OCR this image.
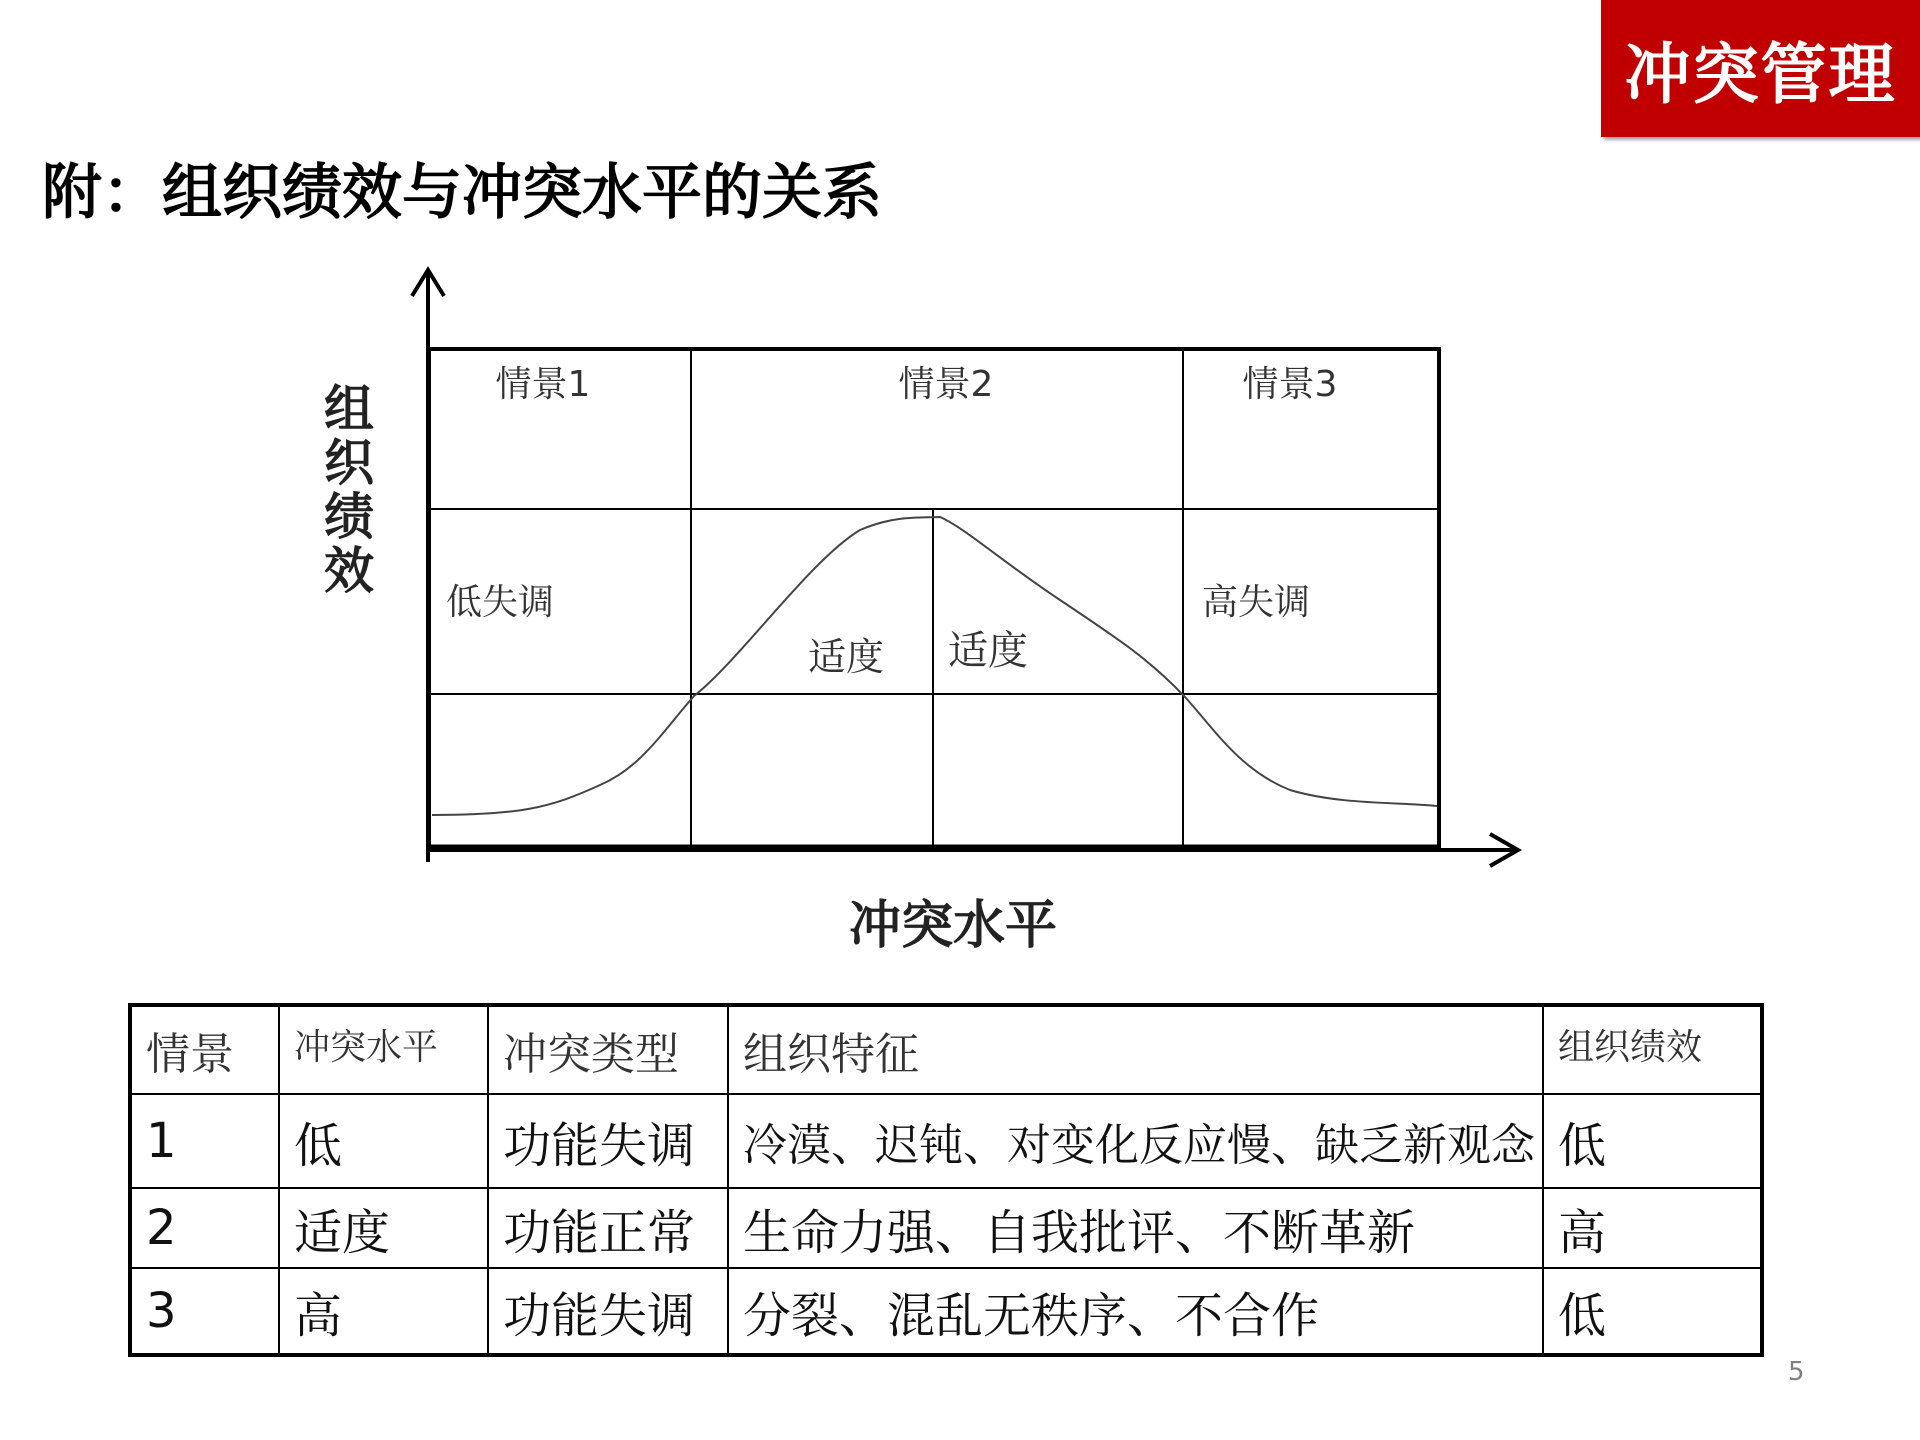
冲突管理
附：组织绩效与冲突水平的关系
情景1	情景2	情景3
低失调
适度 适度
高失调
组织绩效
冲突水平
情景	冲突水平	冲突类型	组织特征	组织绩效
1	低	功能失调	冷漠、迟钝、对变化反应慢、缺乏新观念	低
2	适度	功能正常	生命力强、自我批评、不断革新	高
3	高	功能失调	分裂、混乱无秩序、不合作	低
5
